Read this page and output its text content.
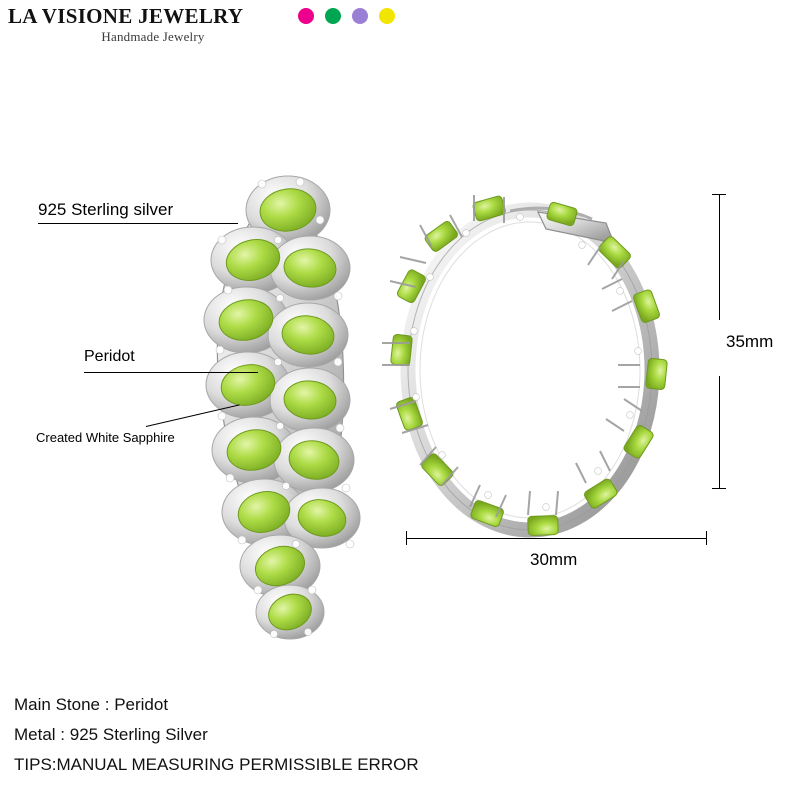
LA VISIONE JEWELRY
Handmade Jewelry
925 Sterling silver
Peridot
Created White Sapphire
35mm
30mm
Main Stone : Peridot
Metal : 925 Sterling Silver
TIPS:MANUAL MEASURING PERMISSIBLE ERROR
